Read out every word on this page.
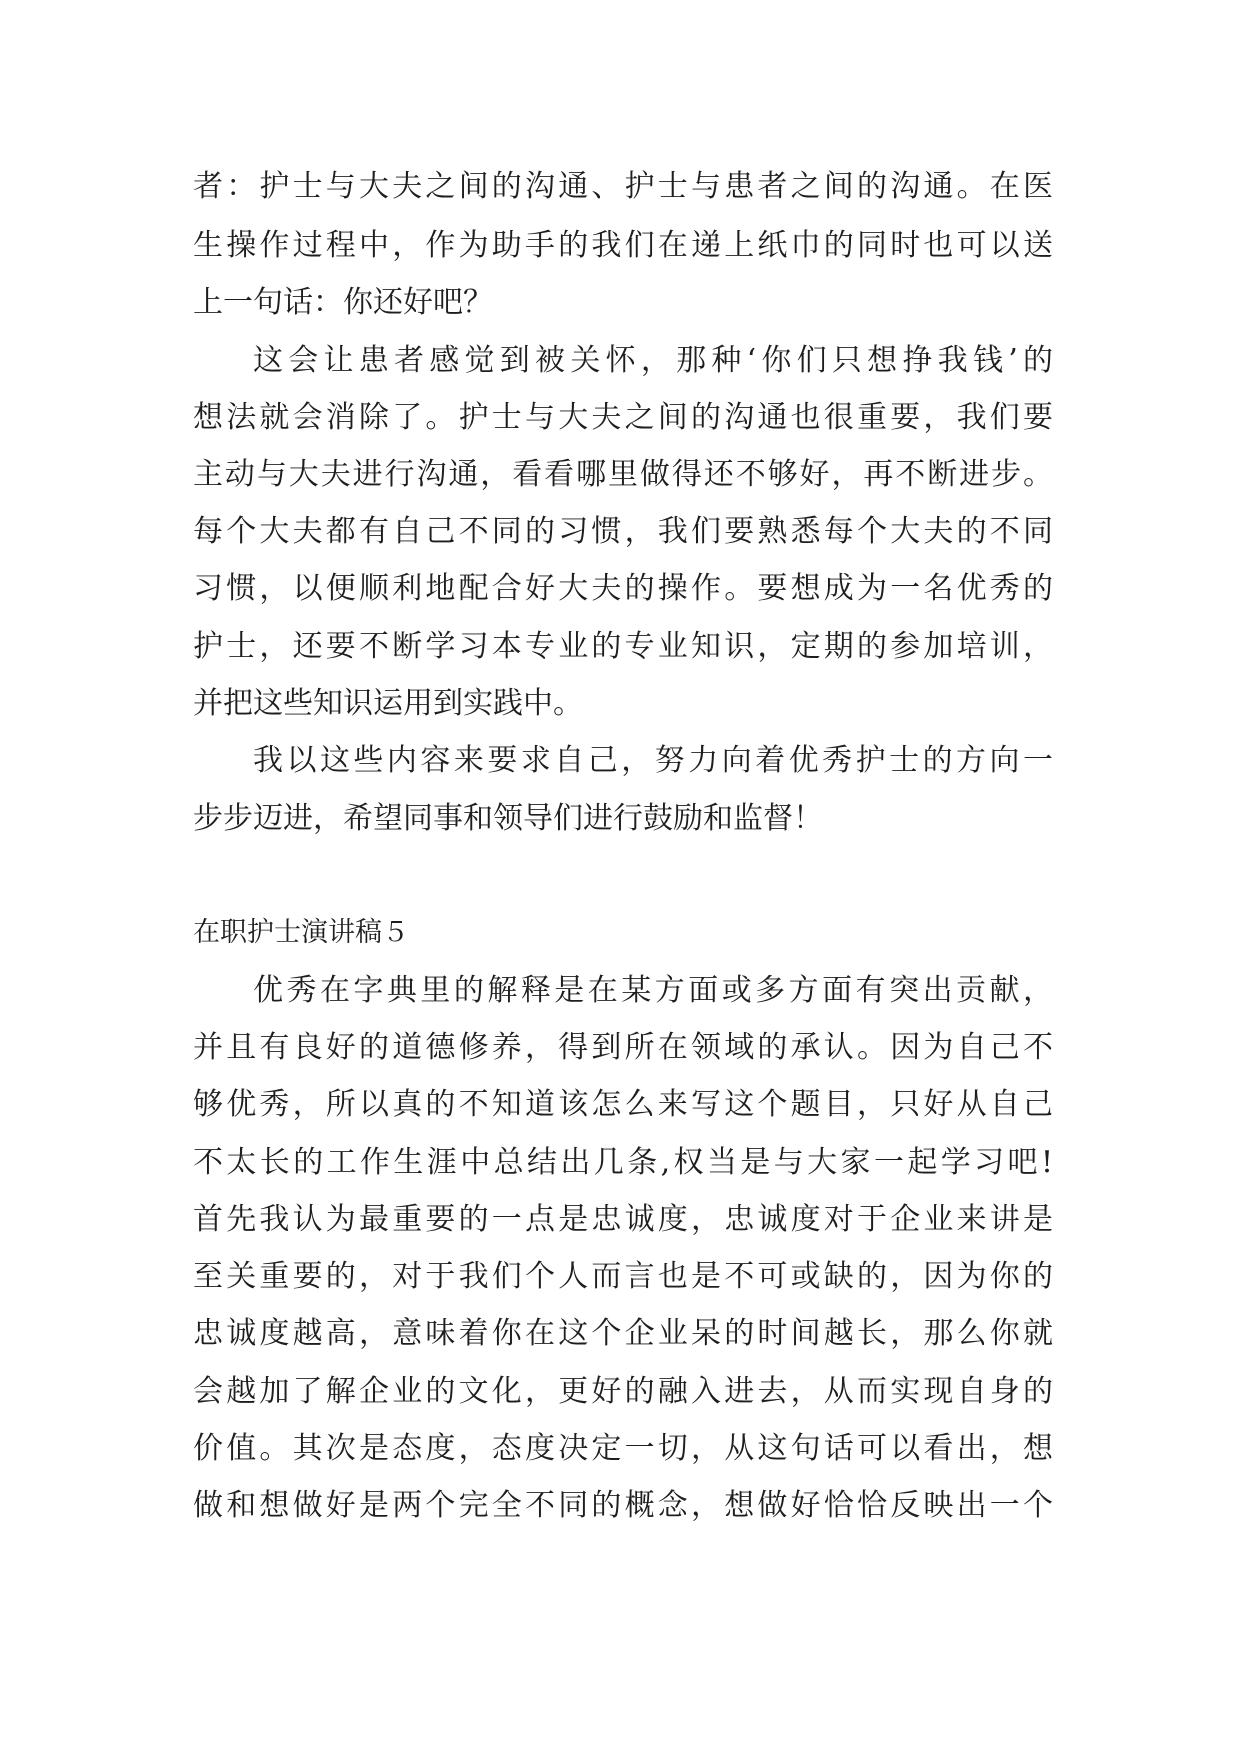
者：护士与大夫之间的沟通、护士与患者之间的沟通。在医
生操作过程中，作为助手的我们在递上纸巾的同时也可以送
上一句话：你还好吧？
这会让患者感觉到被关怀，那种‘你们只想挣我钱’的
想法就会消除了。护士与大夫之间的沟通也很重要，我们要
主动与大夫进行沟通，看看哪里做得还不够好，再不断进步。
每个大夫都有自己不同的习惯，我们要熟悉每个大夫的不同
习惯，以便顺利地配合好大夫的操作。要想成为一名优秀的
护士，还要不断学习本专业的专业知识，定期的参加培训，
并把这些知识运用到实践中。
我以这些内容来要求自己，努力向着优秀护士的方向一
步步迈进，希望同事和领导们进行鼓励和监督！
在职护士演讲稿５
优秀在字典里的解释是在某方面或多方面有突出贡献，
并且有良好的道德修养，得到所在领域的承认。因为自己不
够优秀，所以真的不知道该怎么来写这个题目，只好从自己
不太长的工作生涯中总结出几条,权当是与大家一起学习吧!
首先我认为最重要的一点是忠诚度，忠诚度对于企业来讲是
至关重要的，对于我们个人而言也是不可或缺的，因为你的
忠诚度越高，意味着你在这个企业呆的时间越长，那么你就
会越加了解企业的文化，更好的融入进去，从而实现自身的
价值。其次是态度，态度决定一切，从这句话可以看出，想
做和想做好是两个完全不同的概念，想做好恰恰反映出一个
